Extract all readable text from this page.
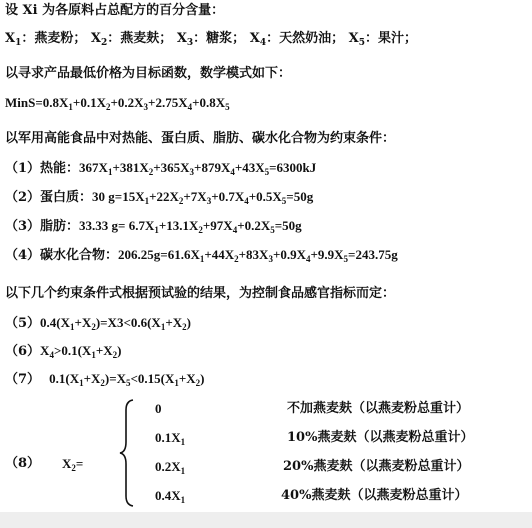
设 Xi 为各原料占总配方的百分含量：
$X_1$：燕麦粉； $X_2$：燕麦麸； $X_3$：糖浆； $X_4$：天然奶油； $X_5$：果汁；
以寻求产品最低价格为目标函数，数学模式如下：
$MinS=0.8X_1+0.1X_2+0.2X_3+2.75X_4+0.8X_5$
以军用高能食品中对热能、蛋白质、脂肪、碳水化合物为约束条件：
（1）热能：$367X_1+381X_2+365X_3+879X_4+43X_5=6300kJ$
（2）蛋白质：30 $g=15X_1+22X_2+7X_3+0.7X_4+0.5X_5=50g$
（3）脂肪：33.33 $g= 6.7X_1+13.1X_2+97X_4+0.2X_5=50g$
（4）碳水化合物：$206.25g=61.6X_1+44X_2+83X_3+0.9X_4+9.9X_5=243.75g$
以下几个约束条件式根据预试验的结果，为控制食品感官指标而定：
$(5)0.4(X_1+X_2)=X3<0.6(X_1+X_2)$
$(6)X_4>0.1(X_1+X_2)$
（7） $0.1(X_1+X_2)=X_5<0.15(X_1+X_2)$
（8） $X_2=$
0	不加燕麦麸（以燕麦粉总重计）
$0.1X_1$	10%燕麦麸（以燕麦粉总重计）
$0.2X_1$	20%燕麦麸（以燕麦粉总重计）
$0.4X_1$	40%燕麦麸（以燕麦粉总重计）
